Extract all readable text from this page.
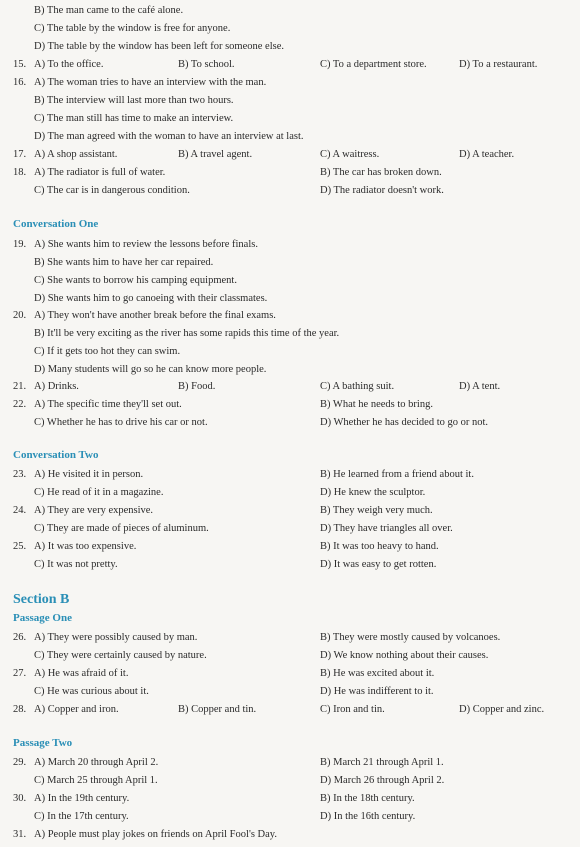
B) The man came to the café alone.
C) The table by the window is free for anyone.
D) The table by the window has been left for someone else.
15. A) To the office.	B) To school.	C) To a department store.	D) To a restaurant.
16. A) The woman tries to have an interview with the man.
B) The interview will last more than two hours.
C) The man still has time to make an interview.
D) The man agreed with the woman to have an interview at last.
17. A) A shop assistant.	B) A travel agent.	C) A waitress.	D) A teacher.
18. A) The radiator is full of water.	B) The car has broken down.
C) The car is in dangerous condition.	D) The radiator doesn't work.
Conversation One
19. A) She wants him to review the lessons before finals.
B) She wants him to have her car repaired.
C) She wants to borrow his camping equipment.
D) She wants him to go canoeing with their classmates.
20. A) They won't have another break before the final exams.
B) It'll be very exciting as the river has some rapids this time of the year.
C) If it gets too hot they can swim.
D) Many students will go so he can know more people.
21. A) Drinks.	B) Food.	C) A bathing suit.	D) A tent.
22. A) The specific time they'll set out.	B) What he needs to bring.
C) Whether he has to drive his car or not.	D) Whether he has decided to go or not.
Conversation Two
23. A) He visited it in person.	B) He learned from a friend about it.
C) He read of it in a magazine.	D) He knew the sculptor.
24. A) They are very expensive.	B) They weigh very much.
C) They are made of pieces of aluminum.	D) They have triangles all over.
25. A) It was too expensive.	B) It was too heavy to hand.
C) It was not pretty.	D) It was easy to get rotten.
Section B
Passage One
26. A) They were possibly caused by man.	B) They were mostly caused by volcanoes.
C) They were certainly caused by nature.	D) We know nothing about their causes.
27. A) He was afraid of it.	B) He was excited about it.
C) He was curious about it.	D) He was indifferent to it.
28. A) Copper and iron.	B) Copper and tin.	C) Iron and tin.	D) Copper and zinc.
Passage Two
29. A) March 20 through April 2.	B) March 21 through April 1.
C) March 25 through April 1.	D) March 26 through April 2.
30. A) In the 19th century.	B) In the 18th century.
C) In the 17th century.	D) In the 16th century.
31. A) People must play jokes on friends on April Fool's Day.
